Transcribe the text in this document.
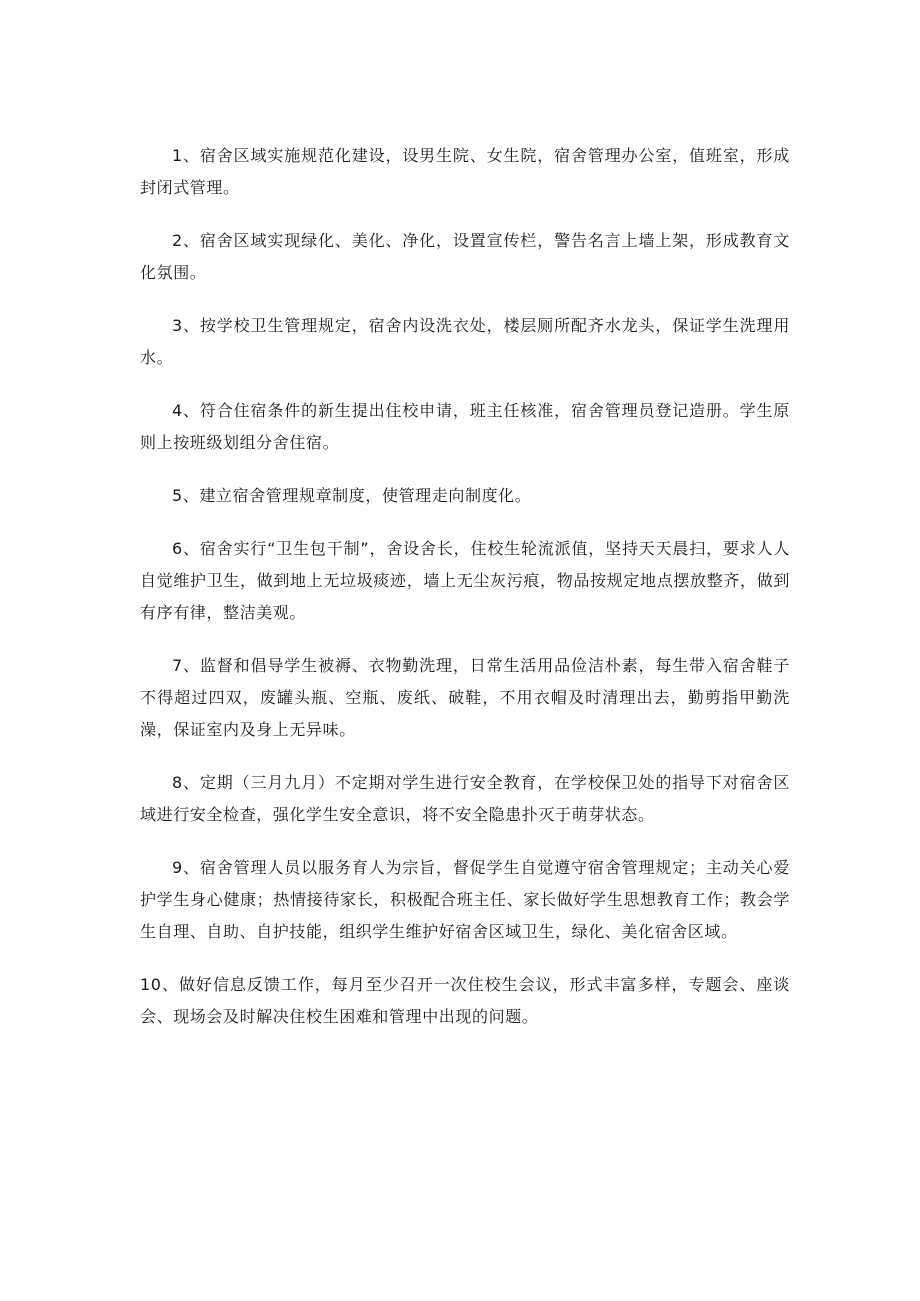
1、宿舍区域实施规范化建设，设男生院、女生院，宿舍管理办公室，值班室，形成封闭式管理。

2、宿舍区域实现绿化、美化、净化，设置宣传栏，警告名言上墙上架，形成教育文化氛围。

3、按学校卫生管理规定，宿舍内设洗衣处，楼层厕所配齐水龙头，保证学生洗理用水。

4、符合住宿条件的新生提出住校申请，班主任核准，宿舍管理员登记造册。学生原则上按班级划组分舍住宿。

5、建立宿舍管理规章制度，使管理走向制度化。

6、宿舍实行“卫生包干制”，舍设舍长，住校生轮流派值，坚持天天晨扫，要求人人自觉维护卫生，做到地上无垃圾痰迹，墙上无尘灰污痕，物品按规定地点摆放整齐，做到有序有律，整洁美观。

7、监督和倡导学生被褥、衣物勤洗理，日常生活用品俭洁朴素，每生带入宿舍鞋子不得超过四双，废罐头瓶、空瓶、废纸、破鞋，不用衣帽及时清理出去，勤剪指甲勤洗澡，保证室内及身上无异味。

8、定期（三月九月）不定期对学生进行安全教育，在学校保卫处的指导下对宿舍区域进行安全检查，强化学生安全意识，将不安全隐患扑灭于萌芽状态。

9、宿舍管理人员以服务育人为宗旨，督促学生自觉遵守宿舍管理规定；主动关心爱护学生身心健康；热情接待家长，积极配合班主任、家长做好学生思想教育工作；教会学生自理、自助、自护技能，组织学生维护好宿舍区域卫生，绿化、美化宿舍区域。

10、做好信息反馈工作，每月至少召开一次住校生会议，形式丰富多样，专题会、座谈会、现场会及时解决住校生困难和管理中出现的问题。
